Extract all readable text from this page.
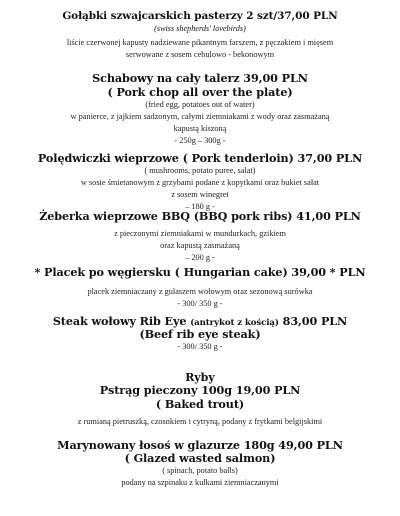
Gołąbki szwajcarskich pasterzy 2 szt/37,00 PLN
(swiss shepherds' lovebirds)
liście czerwonej kapusty nadziewane pikantnym farszem, z pęczakiem i mięsem
serwowane z sosem cebulowo - bekonowym
Schabowy na cały talerz 39,00 PLN
( Pork chop all over the plate)
(fried egg, potatoes out of water)
w panierce, z jajkiem sadzonym, całymi ziemniakami z wody oraz zasmażaną
kapustą kiszoną
- 250g – 300g -
Polędwiczki wieprzowe ( Pork tenderloin) 37,00 PLN
( mushrooms, potato puree, salat)
w sosie śmietanowym z grzybami podane z kopytkami oraz bukiet sałat
z sosem winegret
– 180 g -
Żeberka wieprzowe BBQ (BBQ pork ribs) 41,00 PLN
z pieczonymi ziemniakami w mundurkach, gzikiem
oraz kapustą zasmażaną
– 200 g -
* Placek po węgiersku ( Hungarian cake) 39,00 * PLN
placek ziemniaczany z gulaszem wołowym oraz sezonową surówka
- 300/ 350 g -
Steak wołowy Rib Eye (antrykot z kością) 83,00 PLN
(Beef rib eye steak)
- 300/ 350 g -
Ryby
Pstrąg pieczony 100g 19,00 PLN
( Baked trout)
z rumianą pietruszką, czosnkiem i cytryną, podany z frytkami belgijskimi
Marynowany łosoś w glazurze 180g 49,00 PLN
( Glazed wasted salmon)
( spinach, potato balls)
podany na szpinaku z kulkami ziemniaczanymi
